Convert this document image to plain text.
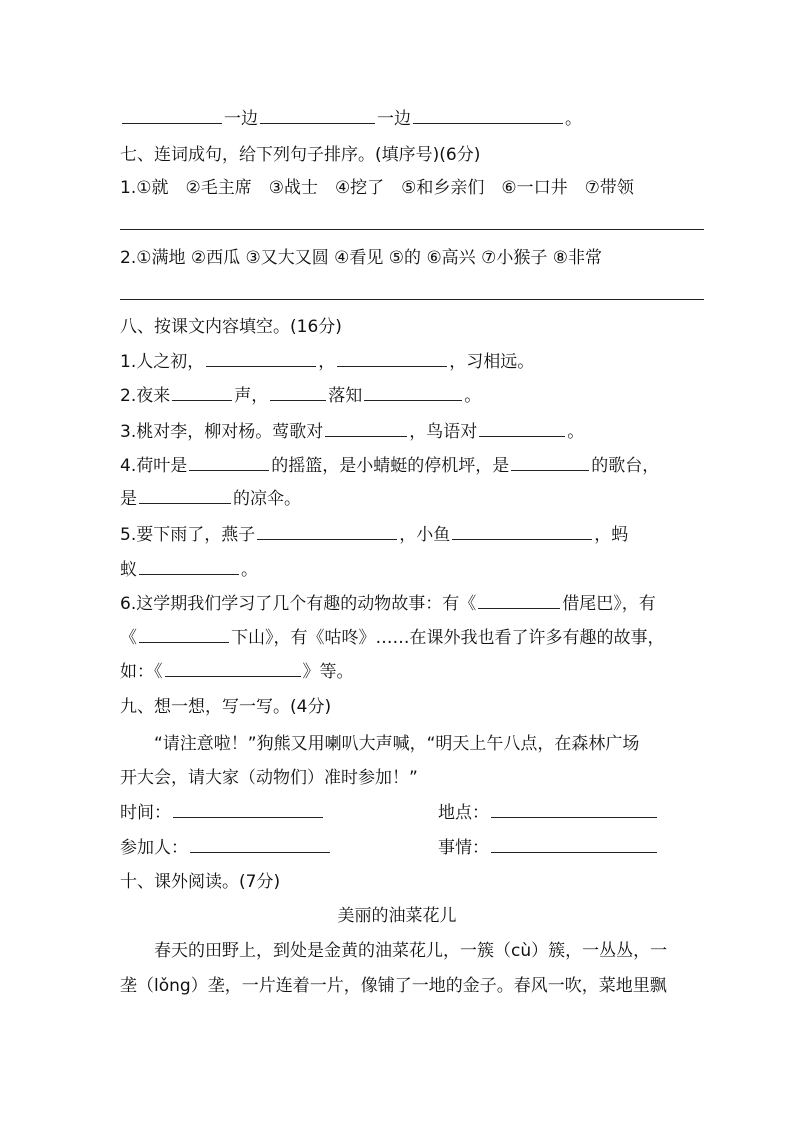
一边	一边	。
七、连词成句，给下列句子排序。(填序号)(6分)
1.①就　②毛主席　③战士　④挖了　⑤和乡亲们　⑥一口井　⑦带领
2.①满地 ②西瓜 ③又大又圆 ④看见 ⑤的 ⑥高兴 ⑦小猴子 ⑧非常
八、按课文内容填空。(16分)
1.人之初，	，	，习相远。
2.夜来	声，	落知	。
3.桃对李，柳对杨。莺歌对	，鸟语对	。
4.荷叶是	的摇篮，是小蜻蜓的停机坪，是	的歌台，
是	的凉伞。
5.要下雨了，燕子	，小鱼	，蚂
蚁	。
6.这学期我们学习了几个有趣的动物故事：有《	借尾巴》，有
《	下山》，有《咕咚》……在课外我也看了许多有趣的故事，
如：《	》等。
九、想一想，写一写。(4分)
“请注意啦！”狗熊又用喇叭大声喊，“明天上午八点，在森林广场
开大会，请大家（动物们）准时参加！”
时间：	地点：
参加人：	事情：
十、课外阅读。(7分)
美丽的油菜花儿
春天的田野上，到处是金黄的油菜花儿，一簇（cù）簇，一丛丛，一
垄（lǒng）垄，一片连着一片，像铺了一地的金子。春风一吹，菜地里飘
